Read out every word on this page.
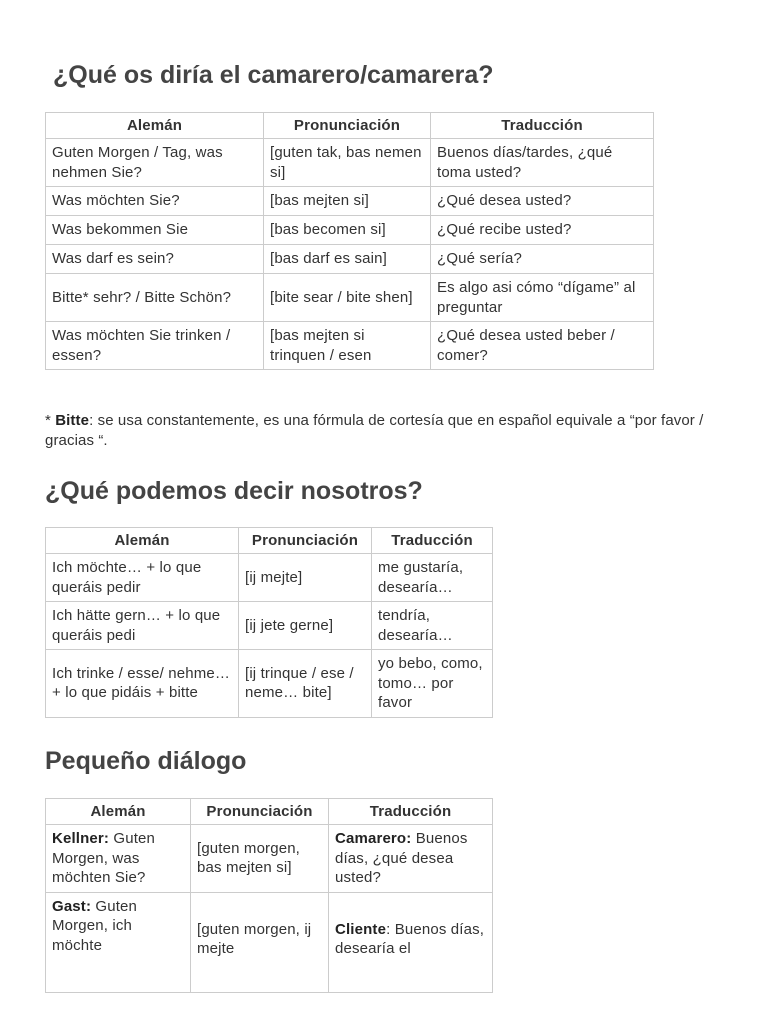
¿Qué os diría el camarero/camarera?
Alemán	Pronunciación	Traducción
Guten Morgen / Tag, was nehmen Sie?	[guten tak, bas nemen si]	Buenos días/tardes, ¿qué toma usted?
Was möchten Sie?	[bas mejten si]	¿Qué desea usted?
Was bekommen Sie	[bas becomen si]	¿Qué recibe usted?
Was darf es sein?	[bas darf es sain]	¿Qué sería?
Bitte* sehr? / Bitte Schön?	[bite sear / bite shen]	Es algo asi cómo “dígame” al preguntar
Was möchten Sie trinken / essen?	[bas mejten si trinquen / esen	¿Qué desea usted beber / comer?
* Bitte: se usa constantemente, es una fórmula de cortesía que en español equivale a “por favor / gracias “.
¿Qué podemos decir nosotros?
Alemán	Pronunciación	Traducción
Ich möchte… + lo que queráis pedir	[ij mejte]	me gustaría, desearía…
Ich hätte gern… + lo que queráis pedi	[ij jete gerne]	tendría, desearía…
Ich trinke / esse/ nehme… + lo que pidáis + bitte	[ij trinque / ese / neme… bite]	yo bebo, como, tomo… por favor
Pequeño diálogo
Alemán	Pronunciación	Traducción
Kellner: Guten Morgen, was möchten Sie?	[guten morgen, bas mejten si]	Camarero: Buenos días, ¿qué desea usted?
Gast: Guten Morgen, ich möchte	[guten morgen, ij mejte	Cliente: Buenos días, desearía el
